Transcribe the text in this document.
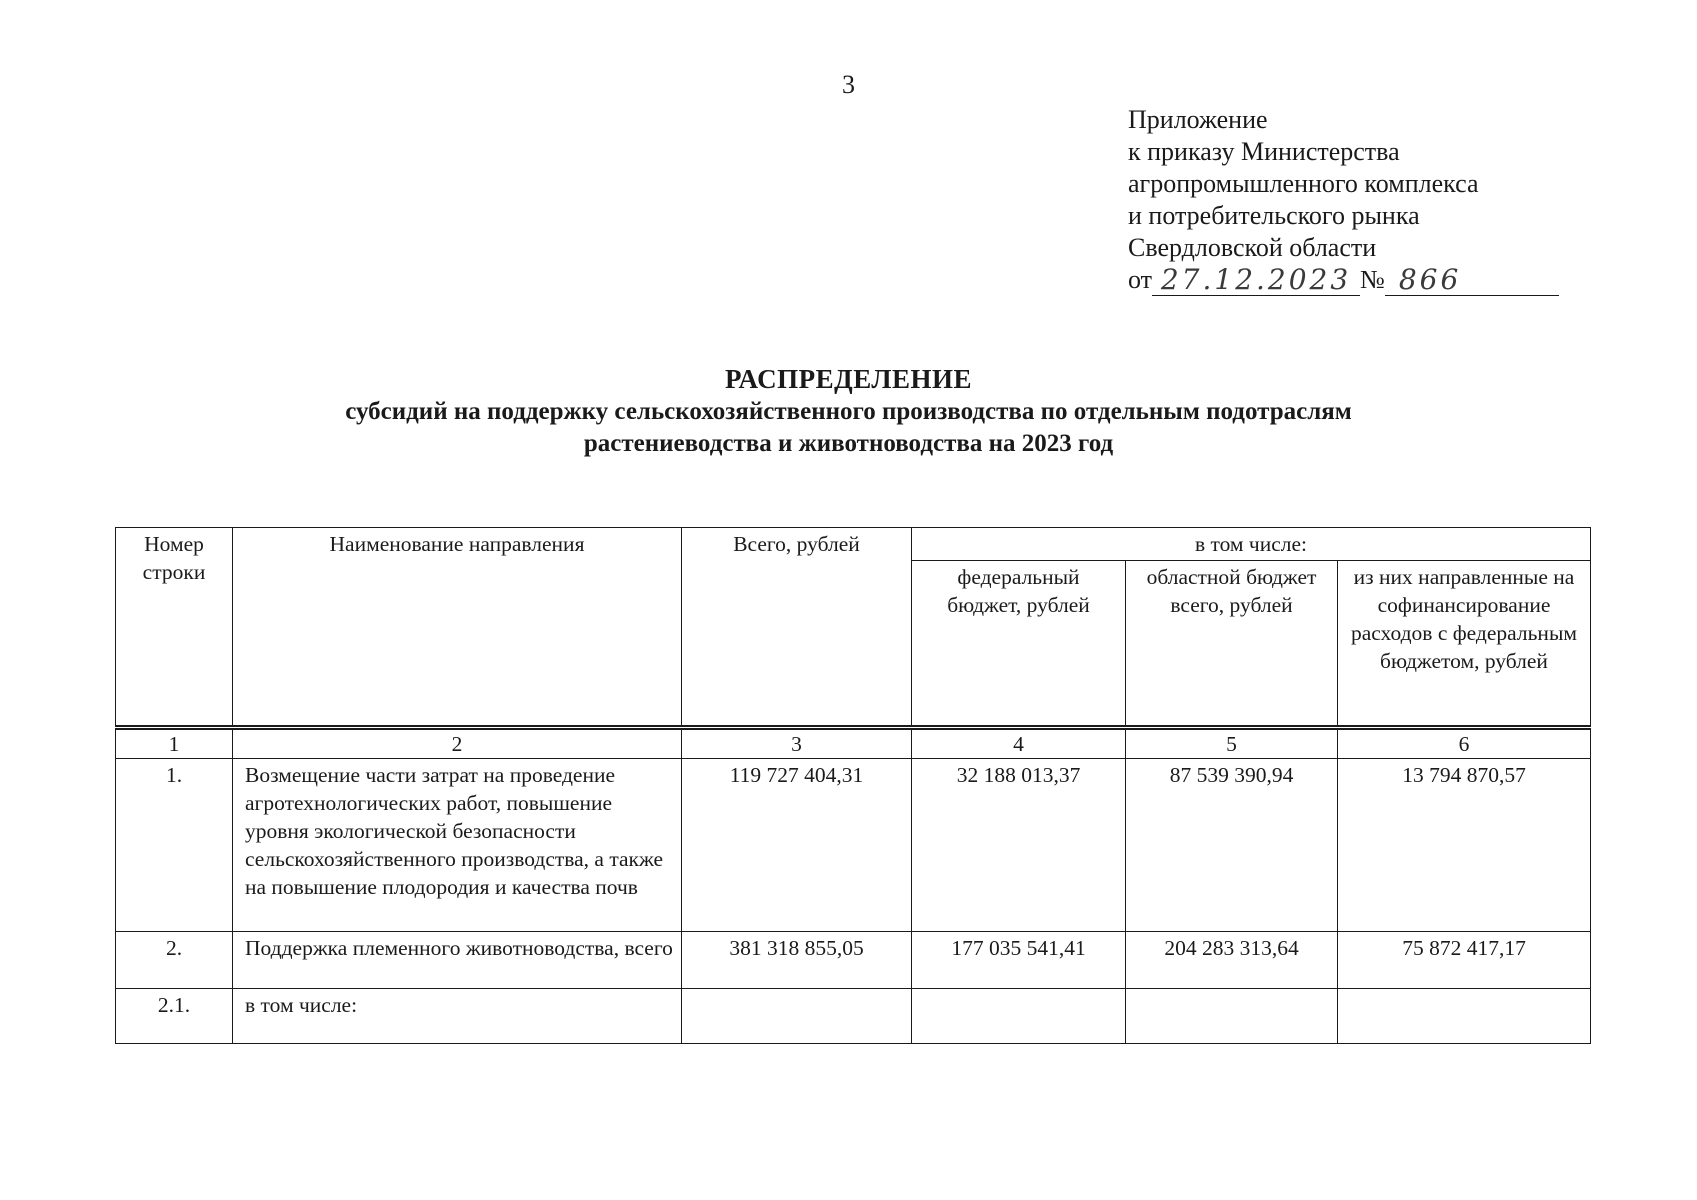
3
Приложение
к приказу Министерства
агропромышленного комплекса
и потребительского рынка
Свердловской области
от 27.12.2023 № 866
РАСПРЕДЕЛЕНИЕ
субсидий на поддержку сельскохозяйственного производства по отдельным подотраслям
растениеводства и животноводства на 2023 год
Номер строки	Наименование направления	Всего, рублей	в том числе:		
			федеральный бюджет, рублей	областной бюджет всего, рублей	из них направленные на софинансирование расходов с федеральным бюджетом, рублей
1	2	3	4	5	6
1.	Возмещение части затрат на проведение агротехнологических работ, повышение уровня экологической безопасности сельскохозяйственного производства, а также на повышение плодородия и качества почв	119 727 404,31	32 188 013,37	87 539 390,94	13 794 870,57
2.	Поддержка племенного животноводства, всего	381 318 855,05	177 035 541,41	204 283 313,64	75 872 417,17
2.1.	в том числе:				
